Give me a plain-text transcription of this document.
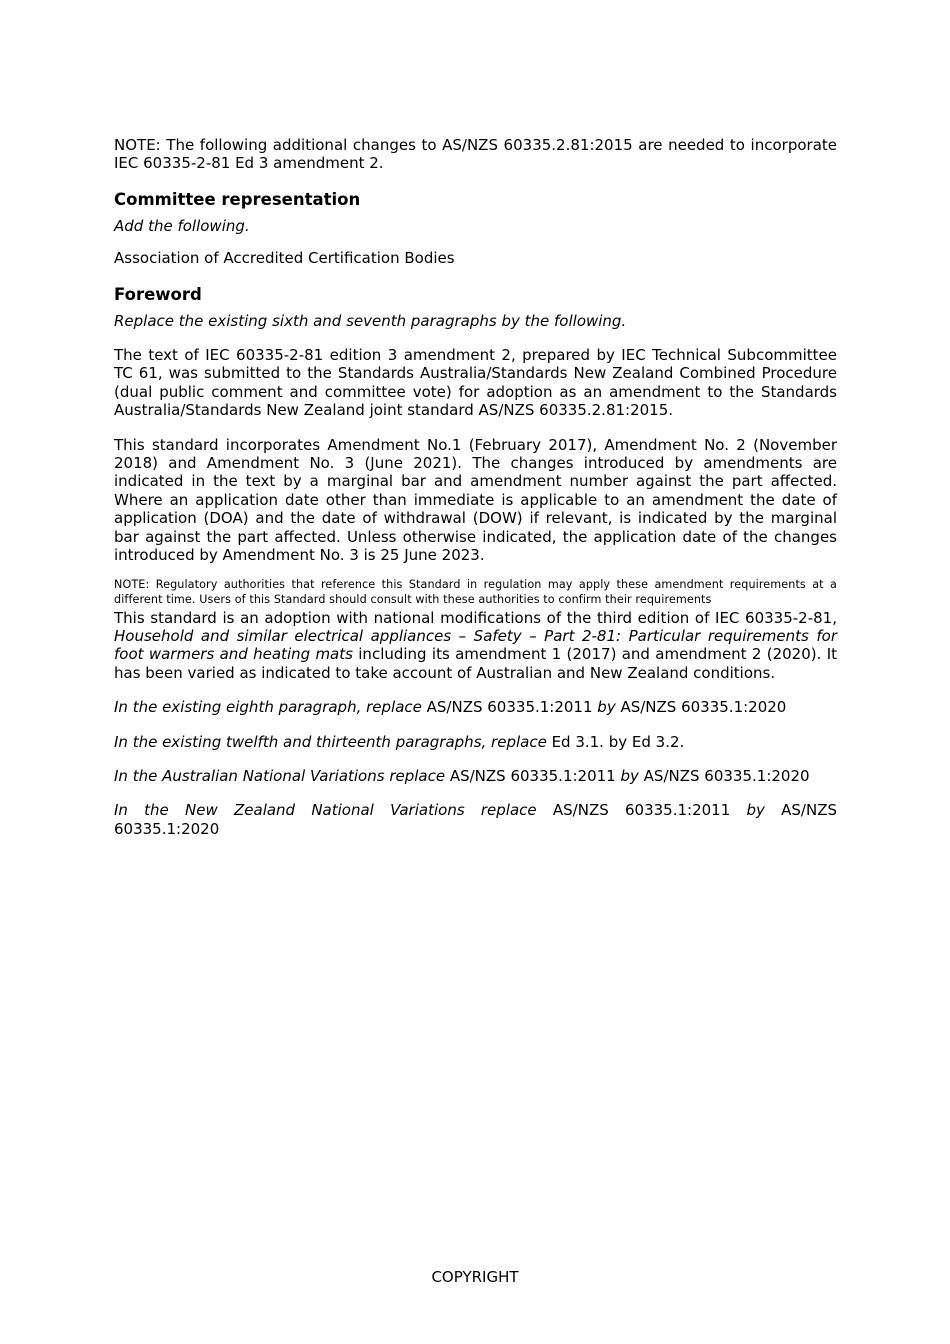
NOTE: The following additional changes to AS/NZS 60335.2.81:2015 are needed to incorporate IEC 60335-2-81 Ed 3 amendment 2.

Committee representation

Add the following.

Association of Accredited Certification Bodies

Foreword

Replace the existing sixth and seventh paragraphs by the following.

The text of IEC 60335-2-81 edition 3 amendment 2, prepared by IEC Technical Subcommittee TC 61, was submitted to the Standards Australia/Standards New Zealand Combined Procedure (dual public comment and committee vote) for adoption as an amendment to the Standards Australia/Standards New Zealand joint standard AS/NZS 60335.2.81:2015.

This standard incorporates Amendment No.1 (February 2017), Amendment No. 2 (November 2018) and Amendment No. 3 (June 2021). The changes introduced by amendments are indicated in the text by a marginal bar and amendment number against the part affected. Where an application date other than immediate is applicable to an amendment the date of application (DOA) and the date of withdrawal (DOW) if relevant, is indicated by the marginal bar against the part affected. Unless otherwise indicated, the application date of the changes introduced by Amendment No. 3 is 25 June 2023.

NOTE: Regulatory authorities that reference this Standard in regulation may apply these amendment requirements at a different time. Users of this Standard should consult with these authorities to confirm their requirements

This standard is an adoption with national modifications of the third edition of IEC 60335-2-81, Household and similar electrical appliances – Safety – Part 2-81: Particular requirements for foot warmers and heating mats including its amendment 1 (2017) and amendment 2 (2020). It has been varied as indicated to take account of Australian and New Zealand conditions.

In the existing eighth paragraph, replace AS/NZS 60335.1:2011 by AS/NZS 60335.1:2020

In the existing twelfth and thirteenth paragraphs, replace Ed 3.1. by Ed 3.2.

In the Australian National Variations replace AS/NZS 60335.1:2011 by AS/NZS 60335.1:2020

In the New Zealand National Variations replace AS/NZS 60335.1:2011 by AS/NZS 60335.1:2020

COPYRIGHT
